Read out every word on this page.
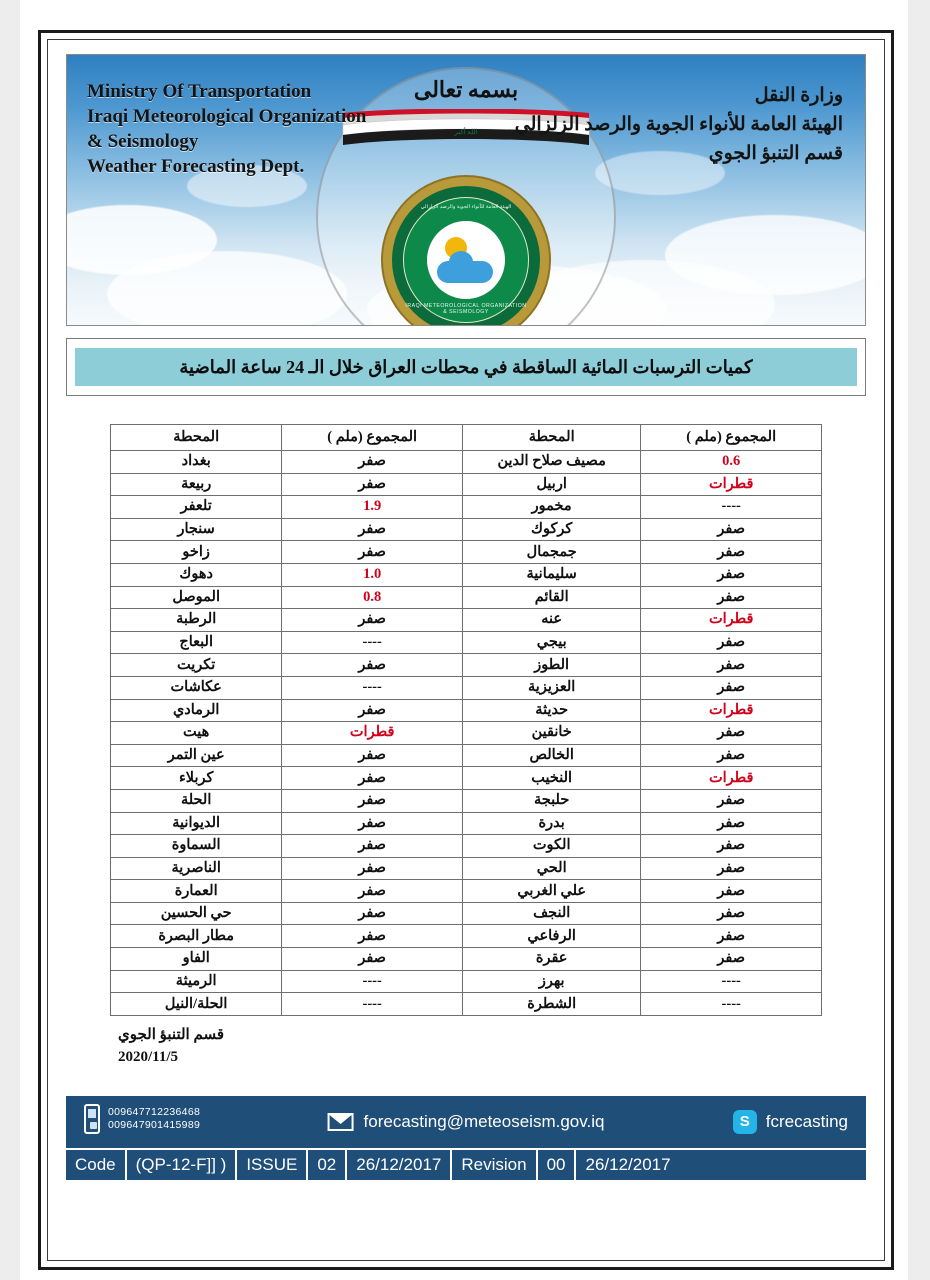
بسمه تعالى
الله أكبر
الهيئة العامة للأنواء الجوية والرصد الزلزالي
IRAQI METEOROLOGICAL ORGANIZATION & SEISMOLOGY
Ministry Of Transportation
Iraqi Meteorological Organization
& Seismology
Weather Forecasting Dept.
وزارة النقل
الهيئة العامة للأنواء الجوية والرصد الزلزالي
قسم التنبؤ الجوي
كميات الترسبات المائية الساقطة في محطات العراق خلال الـ 24 ساعة الماضية
المجموع (ملم )	المحطة	المجموع (ملم )	المحطة
0.6	مصيف صلاح الدين	صفر	بغداد
قطرات	اربيل	صفر	ربيعة
----	مخمور	1.9	تلعفر
صفر	كركوك	صفر	سنجار
صفر	جمجمال	صفر	زاخو
صفر	سليمانية	1.0	دهوك
صفر	القائم	0.8	الموصل
قطرات	عنه	صفر	الرطبة
صفر	بيجي	----	البعاج
صفر	الطوز	صفر	تكريت
صفر	العزيزية	----	عكاشات
قطرات	حديثة	صفر	الرمادي
صفر	خانقين	قطرات	هيت
صفر	الخالص	صفر	عين التمر
قطرات	النخيب	صفر	كربلاء
صفر	حلبجة	صفر	الحلة
صفر	بدرة	صفر	الديوانية
صفر	الكوت	صفر	السماوة
صفر	الحي	صفر	الناصرية
صفر	علي الغربي	صفر	العمارة
صفر	النجف	صفر	حي الحسين
صفر	الرفاعي	صفر	مطار البصرة
صفر	عقرة	صفر	الفاو
----	بهرز	----	الرميثة
----	الشطرة	----	الحلة/النيل
قسم التنبؤ الجوي
2020/11/5
009647712236468
009647901415989	forecasting@meteoseism.gov.iq	S fcrecasting
Code	(QP-12-F]] )	ISSUE	02	26/12/2017	Revision	00	26/12/2017
